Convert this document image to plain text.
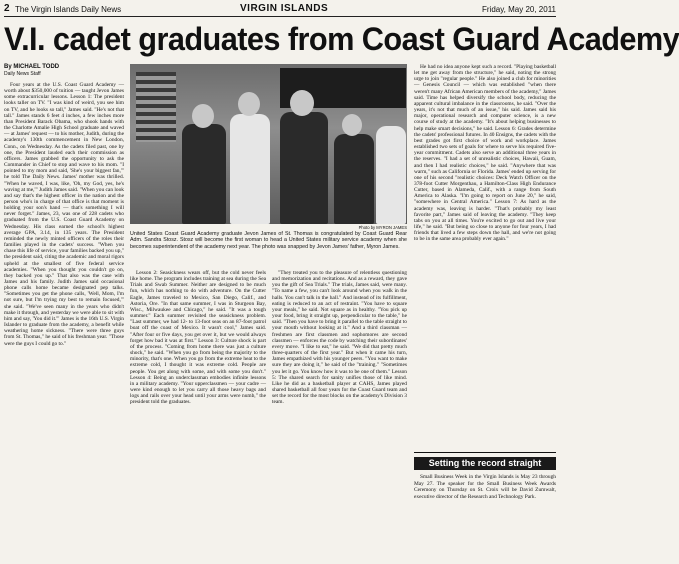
2 The Virgin Islands Daily News	VIRGIN ISLANDS	Friday, May 20, 2011
V.I. cadet graduates from Coast Guard Academy
By MICHAEL TODD
Daily News Staff

Four years at the U.S. Coast Guard Academy — worth about $350,000 of tuition — taught Jevon James some extracurricular lessons. Lesson 1: The president looks taller on TV. "I was kind of weird, you see him on TV, and he looks so tall," James said. "He's not that tall." James stands 6 feet 4 inches, a few inches more than President Barack Obama, who shook hands with the Charlotte Amalie High School graduate and waved — at James' request — to his mother, Judith, during the academy's 130th commencement in New London, Conn., on Wednesday. As the cadets filed past, one by one, the President lauded each their commission as officers. James grabbed the opportunity to ask the Commander in Chief to stop and wave to his mom. "I pointed to my mom and said, 'She's your biggest fan,'" he told The Daily News. James' mother was thrilled. "When he waved, I was, like, 'Oh, my God, yes, he's waving at me,'" Judith James said. "When you can look and say that's the highest officer in the nation and the person who's in charge of that office is that moment is holding your son's hand — that's something I will never forget." James, 23, was one of 228 cadets who graduated from the U.S. Coast Guard Academy on Wednesday. His class earned the school's highest average GPA, 3.14, in 135 years. The President reminded the newly minted officers of the roles their families played in the cadets' success. "When you chase this life of service, your families backed you up," the president said, citing the academic and moral rigors upheld at the smallest of five federal service academies. "When you thought you couldn't go on, they backed you up." That also was the case with James and his family. Judith James said occasional phone calls home became designated pep talks. "Sometimes you get the phone calls, 'Well, Mom, I'm not sure, but I'm trying my best to remain focused,'" she said. "We've seen many in the years who didn't make it through, and yesterday we were able to sit with him and say, 'You did it.'" James is the 16th U.S. Virgin Islander to graduate from the academy, a benefit while weathering home sickness. "There were three guys from St. Thomas," he said of his freshman year. "Those were the guys I could go to."

Photo by MYRON JAMES
United States Coast Guard Academy graduate Jevon James of St. Thomas is congratulated by Coast Guard Rear Adm. Sandra Stosz. Stosz will become the first woman to head a United States military service academy when she becomes superintendent of the academy next year. The photo was snapped by Jevon James' father, Myron James.

Lesson 2: Seasickness wears off, but the cold never feels like home. The program includes training at sea during the Sea Trials and Swab Summer. Neither are designed to be much fun, which has nothing to do with adventure. On the Cutter Eagle, James traveled to Mexico, San Diego, Calif., and Astoria, Ore. "In that same summer, I was in Sturgeon Bay, Wisc., Milwaukee and Chicago," he said. "It was a tough summer." Each summer revisited the seasickness problem. "Last summer, we had 12- to 13-foot seas on an 87-foot patrol boat off the coast of Mexico. It wasn't cool," James said. "After four or five days, you get over it, but we would always forget how bad it was at first." Lesson 3: Culture shock is part of the process. "Coming from home there was just a culture shock," he said. "When you go from being the majority to the minority, that's one. When you go from the extreme heat to the extreme cold, I thought it was extreme cold. People are people. You get along with some, and with some you don't." Lesson 4: Being an underclassman embodies infinite lessons in a military academy. "Your upperclassmen — your cadre — were kind enough to let you carry all those heavy bags and logs and rails over your head until your arms were numb," the president told the graduates.

"They treated you to the pleasure of relentless questioning and memorization and recitations. And as a reward, they gave you the gift of Sea Trials." The trials, James said, were many. "To name a few, you can't look around when you walk in the halls. You can't talk in the hall." And instead of its fulfillment, eating is reduced to an act of restraint. "You have to square your meals," he said. Not square as in healthy. "You pick up your food, bring it straight up, perpendicular to the table," he said. "Then you have to bring it parallel to the table straight to your mouth without looking at it." And a third classman — freshmen are first classmen and sophomores are second classmen — enforces the code by watching their subordinates' every move. "I like to eat," he said. "We did that pretty much three-quarters of the first year." But when it came his turn, James empathized with his younger peers. "You want to make sure they are doing it," he said of the "training." "Sometimes you let it go. You know how it was to be one of them." Lesson 5: The shared search for sanity unifies those of like mind. Like he did as a basketball player at CAHS, James played shared basketball all four years for the Coast Guard team and set the record for the most blocks on the academy's Division 3 team.

He had no idea anyone kept such a record. "Playing basketball let me get away from the structure," he said, noting the strong urge to join "regular people." He also joined a club for minorities — Genesis Council — which was established "when there weren't many African American members of the academy," James said. Time has helped diversify the school body, reducing the apparent cultural imbalance in the classrooms, he said. "Over the years, it's not that much of an issue," his said. James said his major, operational research and computer science, is a new course of study at the academy. "It's about helping businesses to help make smart decisions," he said. Lesson 6: Grades determine the cadets' professional futures. In 40 Ensigns, the cadets with the best grades got first choice of work and workplace. James established two sets of goals for where to serve his required five-year commitment. Cadets also serve an additional three years in the reserves. "I had a set of unrealistic choices, Hawaii, Guam, and then I had realistic choices," he said. "Anywhere that was warm," such as California or Florida. James' ended up serving for one of his second "realistic choices: Deck Watch Officer on the 378-foot Cutter Morgenthau, a Hamilton-Class High Endurance Cutter, based in Alameda, Calif., with a range from South America to Alaska. "I'm going to report on June 20," he said, "somewhere in Central America." Lesson 7: As hard as the academy was, leaving is harder. "That's probably my least favorite part," James said of leaving the academy. "They keep tabs on you at all times. You're excited to go out and live your life," he said. "But being so close to anyone for four years, I had friends that lived a few steps down the hall, and we're not going to be in the same area probably ever again."

Setting the record straight
Small Business Week in the Virgin Islands is May 23 through May 27. The speaker for the Small Business Week Awards Ceremony on Thursday on St. Croix will be David Zumwalt, executive director of the Research and Technology Park.
